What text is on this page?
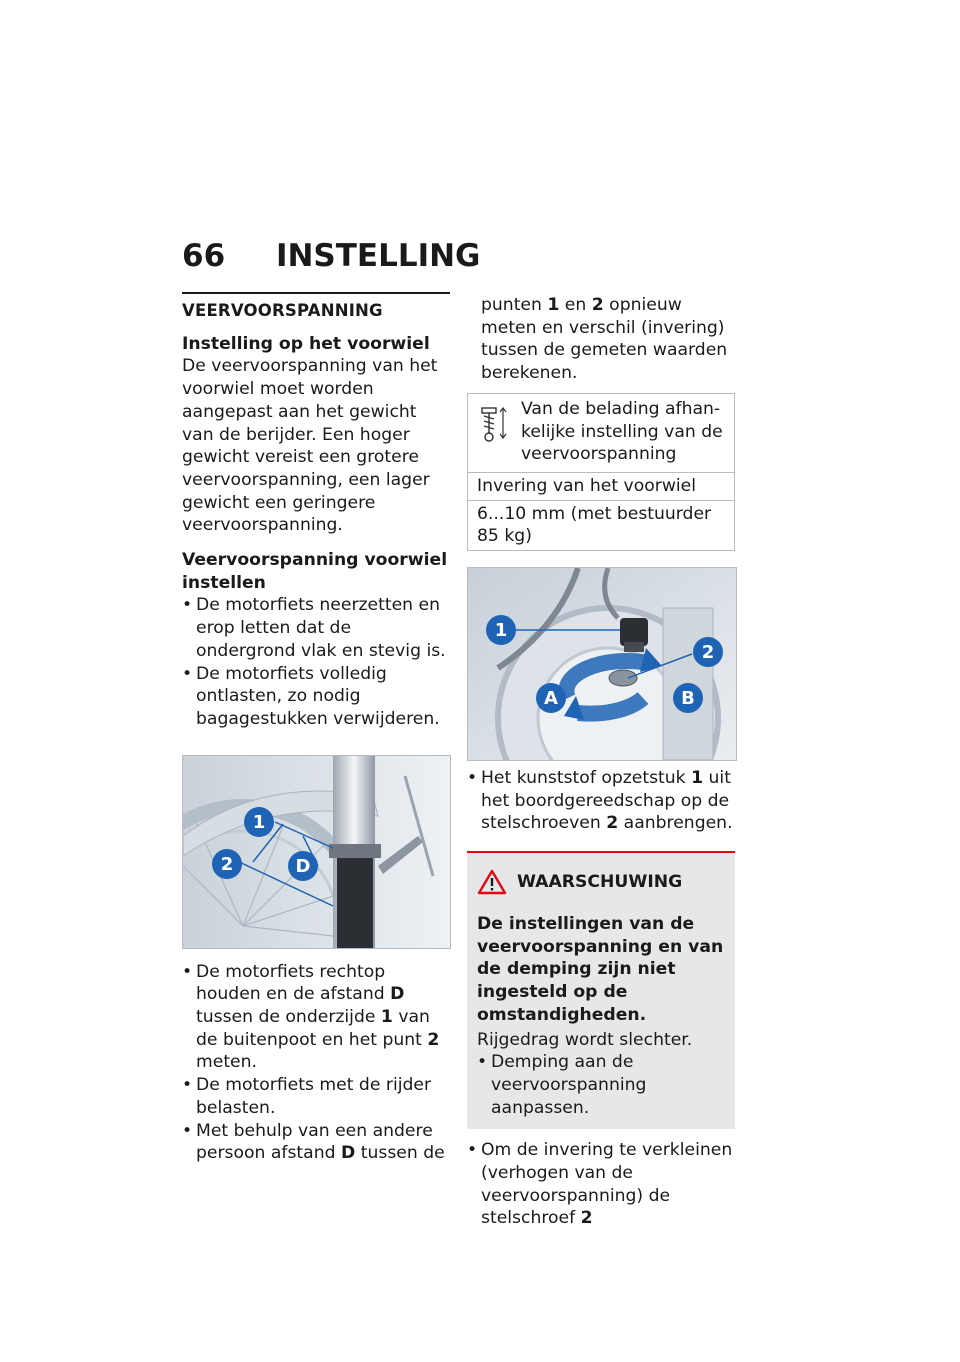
66 INSTELLING
VEERVOORSPANNING
Instelling op het voorwiel

De veervoorspanning van het voorwiel moet worden aangepast aan het gewicht van de berijder. Een hoger gewicht vereist een grotere veervoorspanning, een lager gewicht een geringere veervoorspanning.

Veervoorspanning voorwiel instellen
• De motorfiets neerzetten en erop letten dat de ondergrond vlak en stevig is.
• De motorfiets volledig ontlasten, zo nodig bagagestukken verwijderen.
1
2	D
• De motorfiets rechtop houden en de afstand D tussen de onderzijde 1 van de buitenpoot en het punt 2 meten.
• De motorfiets met de rijder belasten.
• Met behulp van een andere persoon afstand D tussen de
punten 1 en 2 opnieuw meten en verschil (invering) tussen de gemeten waarden berekenen.
Van de belading afhan-
kelijke instelling van de veervoorspanning
Invering van het voorwiel
6...10 mm (met bestuurder 85 kg)
1
2
A	B
• Het kunststof opzetstuk 1 uit het boordgereedschap op de stelschroeven 2 aanbrengen.
WAARSCHUWING
De instellingen van de veervoorspanning en van de demping zijn niet ingesteld op de omstandigheden.
Rijgedrag wordt slechter.
• Demping aan de veervoorspanning aanpassen.
• Om de invering te verkleinen (verhogen van de veervoorspanning) de stelschroef 2
